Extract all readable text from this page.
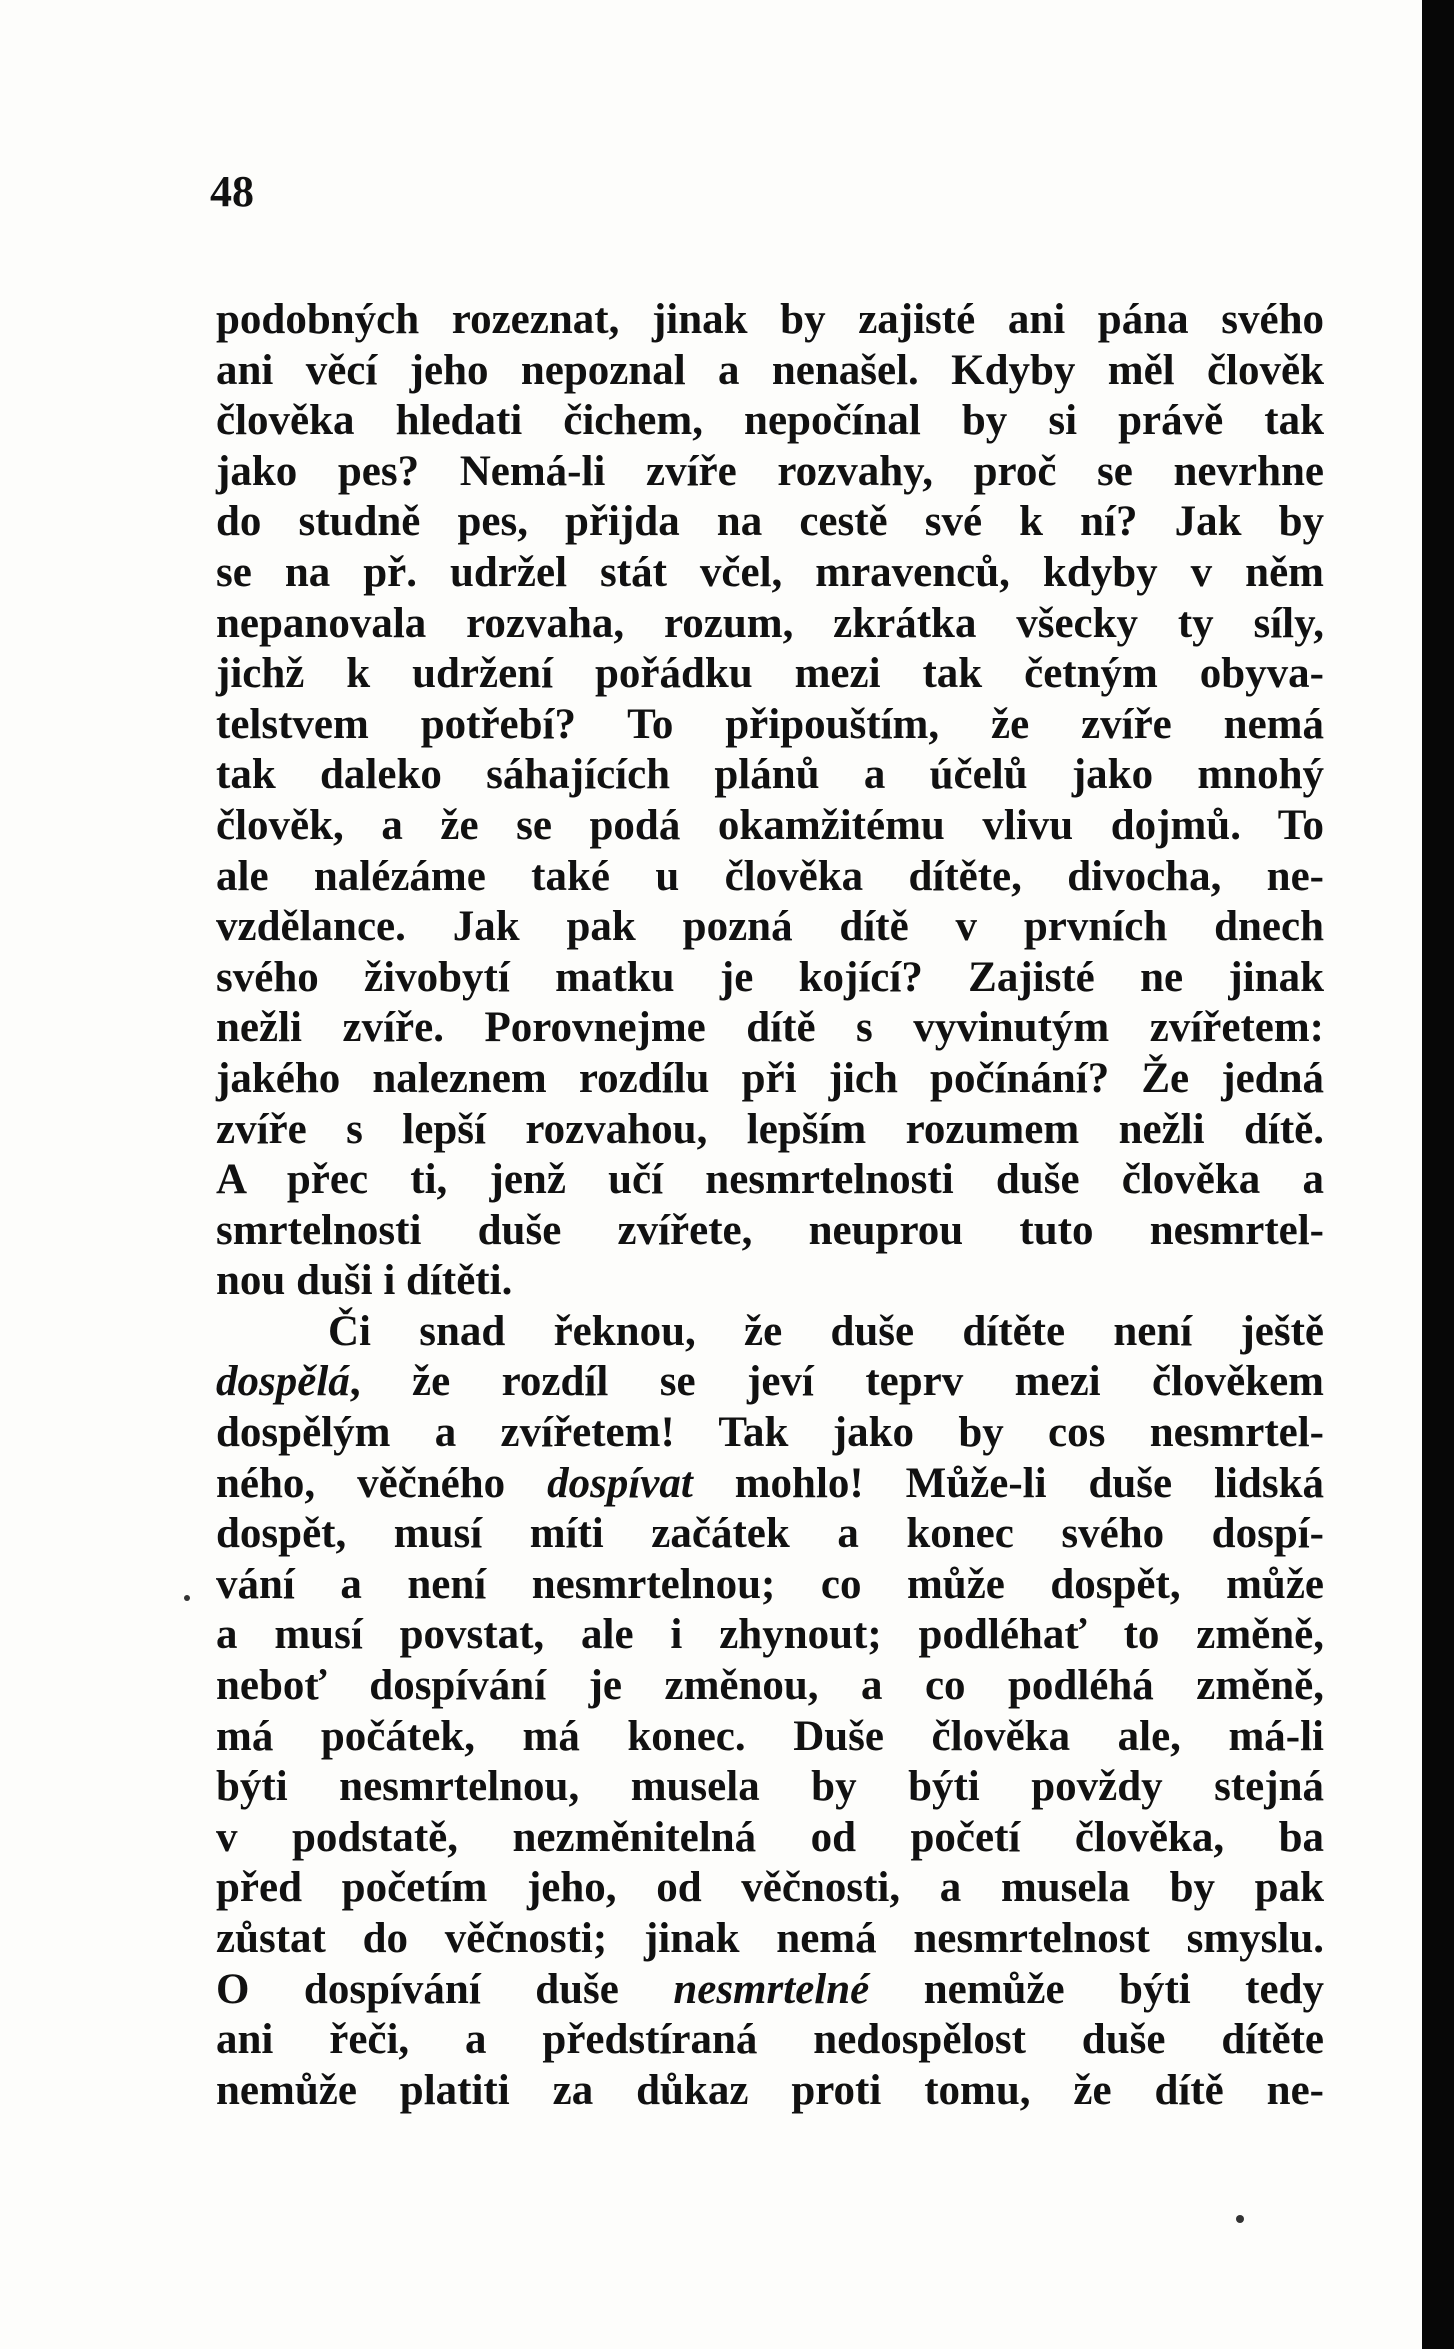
48
podobných rozeznat, jinak by zajisté ani pána svého
ani věcí jeho nepoznal a nenašel. Kdyby měl člověk
člověka hledati čichem, nepočínal by si právě tak
jako pes? Nemá-li zvíře rozvahy, proč se nevrhne
do studně pes, přijda na cestě své k ní? Jak by
se na př. udržel stát včel, mravenců, kdyby v něm
nepanovala rozvaha, rozum, zkrátka všecky ty síly,
jichž k udržení pořádku mezi tak četným obyva-
telstvem potřebí? To připouštím, že zvíře nemá
tak daleko sáhajících plánů a účelů jako mnohý
člověk, a že se podá okamžitému vlivu dojmů. To
ale nalézáme také u člověka dítěte, divocha, ne-
vzdělance. Jak pak pozná dítě v prvních dnech
svého živobytí matku je kojící? Zajisté ne jinak
nežli zvíře. Porovnejme dítě s vyvinutým zvířetem:
jakého naleznem rozdílu při jich počínání? Že jedná
zvíře s lepší rozvahou, lepším rozumem nežli dítě.
A přec ti, jenž učí nesmrtelnosti duše člověka a
smrtelnosti duše zvířete, neuprou tuto nesmrtel-
nou duši i dítěti.
Či snad řeknou, že duše dítěte není ještě
dospělá, že rozdíl se jeví teprv mezi člověkem
dospělým a zvířetem! Tak jako by cos nesmrtel-
ného, věčného dospívat mohlo! Může-li duše lidská
dospět, musí míti začátek a konec svého dospí-
vání a není nesmrtelnou; co může dospět, může
a musí povstat, ale i zhynout; podléhať to změně,
neboť dospívání je změnou, a co podléhá změně,
má počátek, má konec. Duše člověka ale, má-li
býti nesmrtelnou, musela by býti povždy stejná
v podstatě, nezměnitelná od početí člověka, ba
před početím jeho, od věčnosti, a musela by pak
zůstat do věčnosti; jinak nemá nesmrtelnost smyslu.
O dospívání duše nesmrtelné nemůže býti tedy
ani řeči, a předstíraná nedospělost duše dítěte
nemůže platiti za důkaz proti tomu, že dítě ne-
